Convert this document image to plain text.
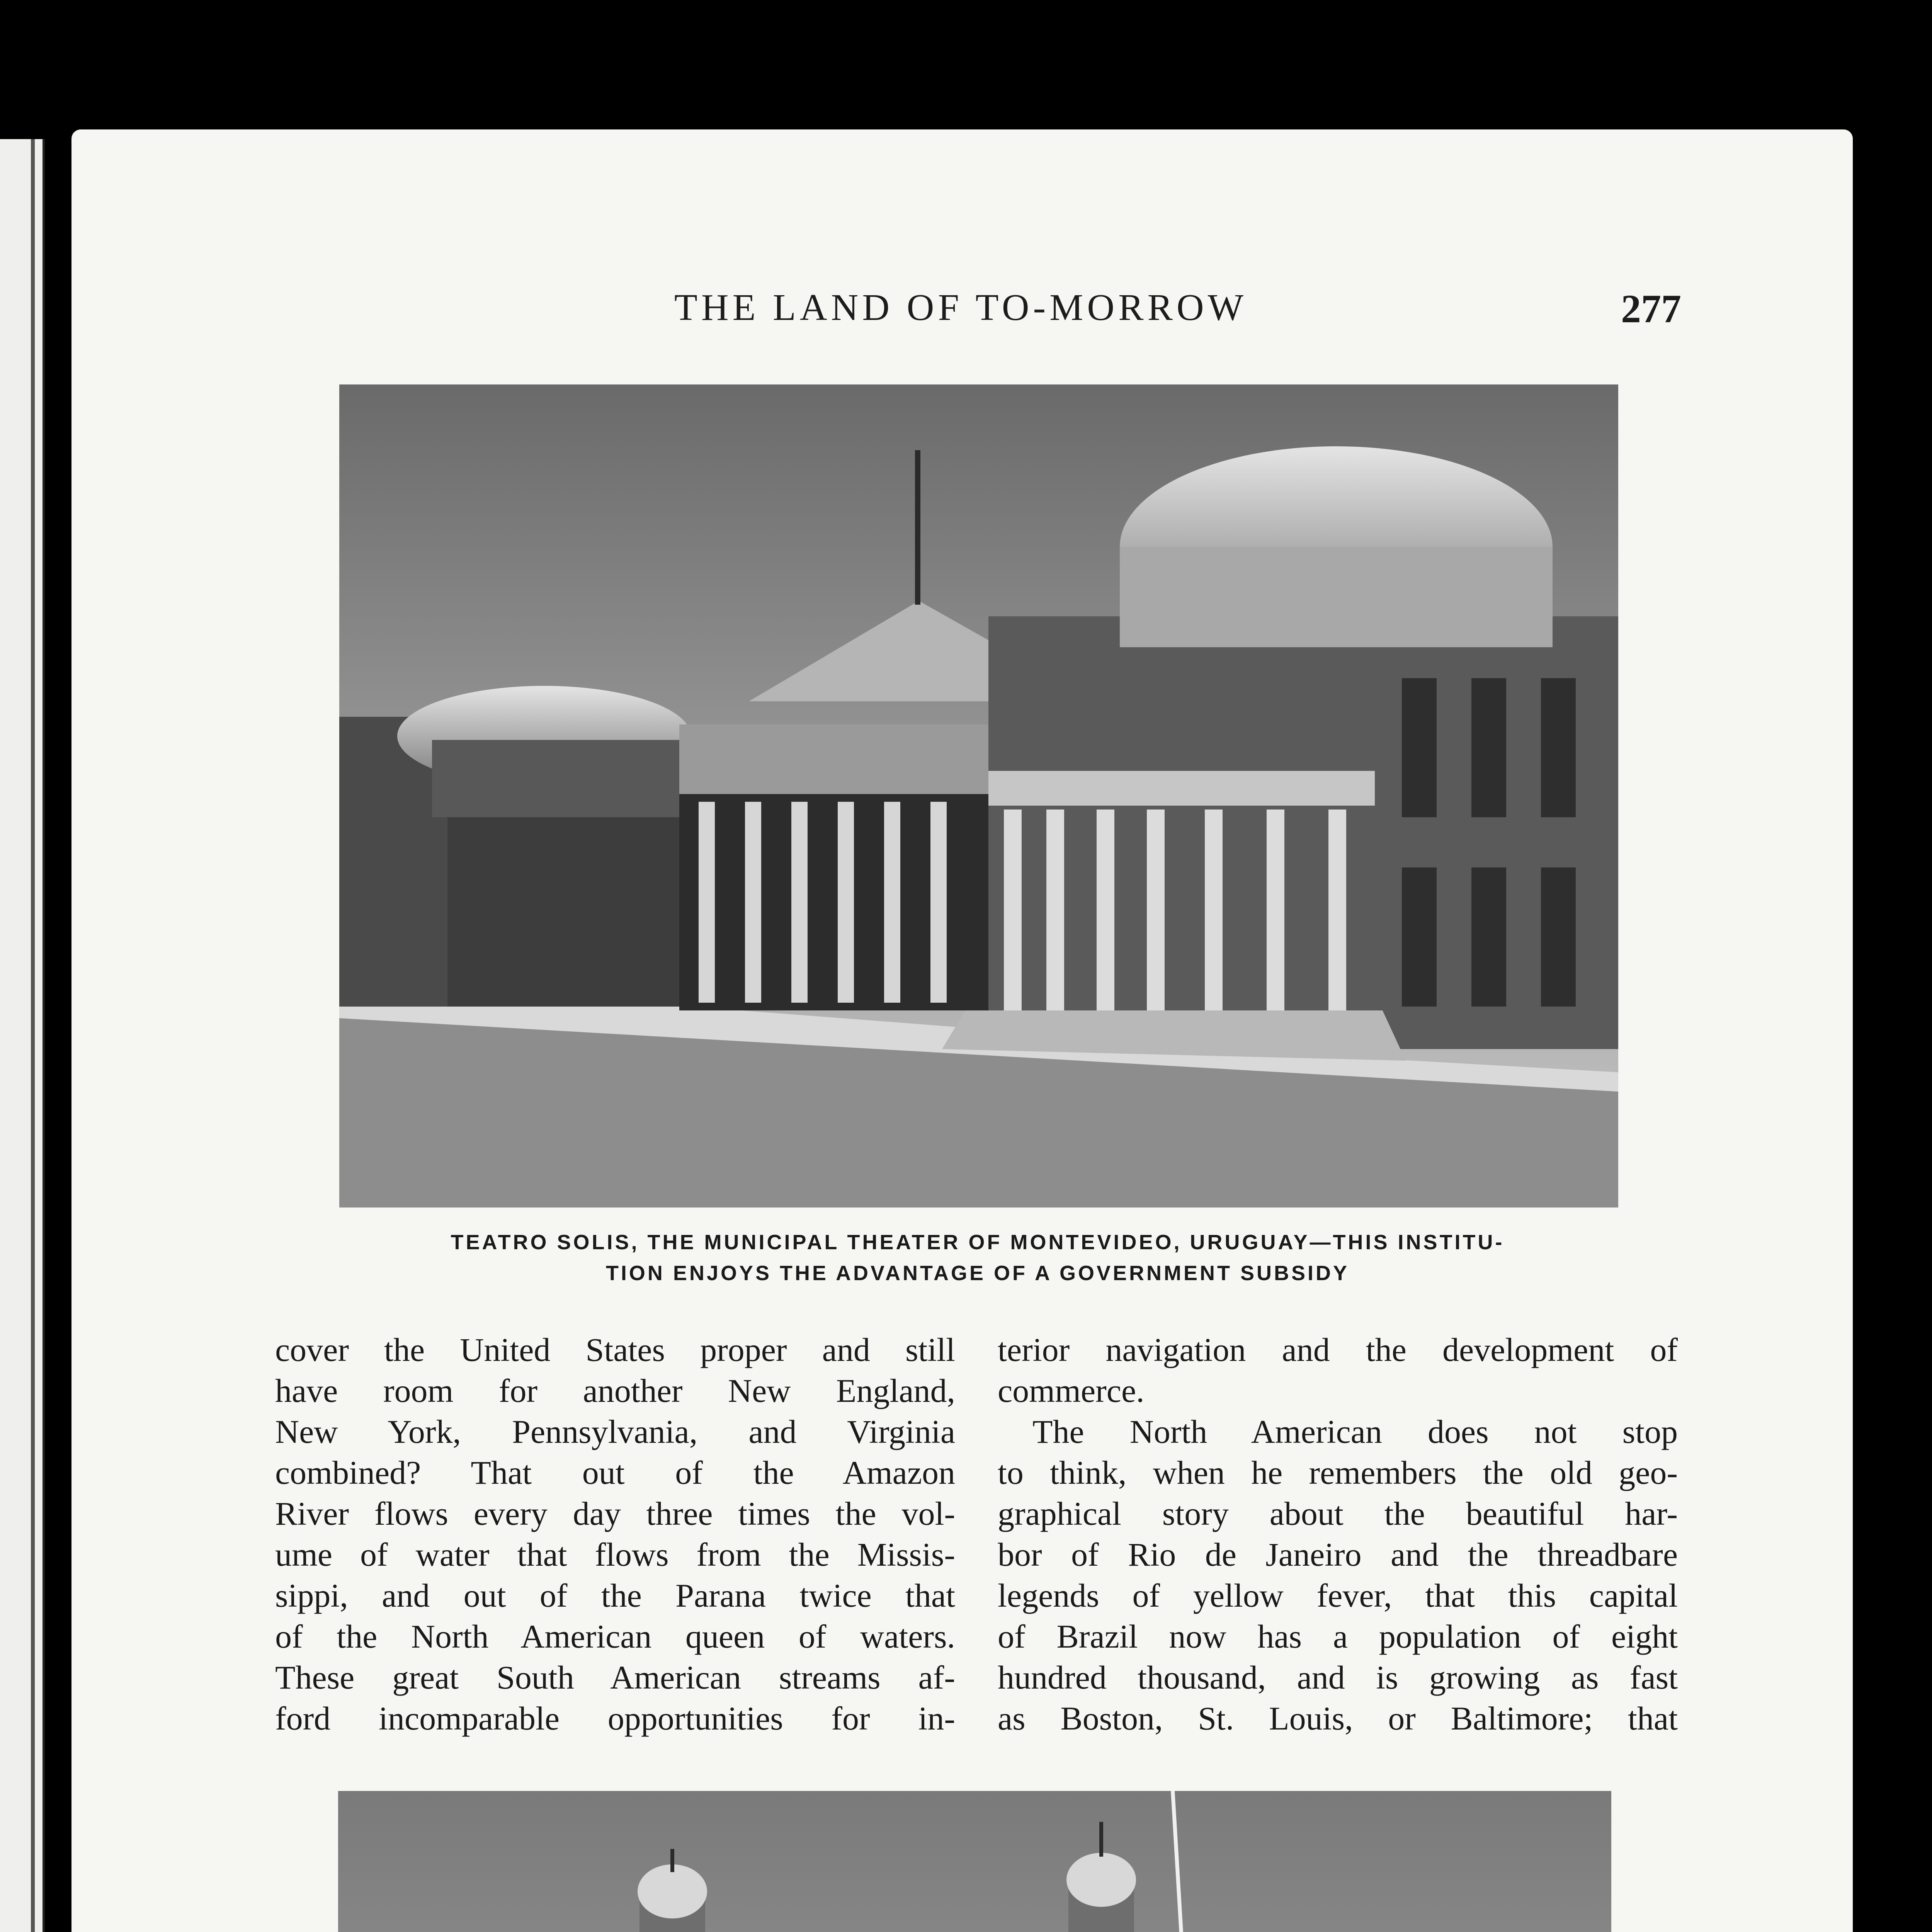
THE LAND OF TO-MORROW	277
TEATRO SOLIS, THE MUNICIPAL THEATER OF MONTEVIDEO, URUGUAY—THIS INSTITU-
TION ENJOYS THE ADVANTAGE OF A GOVERNMENT SUBSIDY
cover the United States proper and still
have room for another New England,
New York, Pennsylvania, and Virginia
combined? That out of the Amazon
River flows every day three times the vol-
ume of water that flows from the Missis-
sippi, and out of the Parana twice that
of the North American queen of waters.
These great South American streams af-
ford incomparable opportunities for in-
terior navigation and the development of
commerce.
The North American does not stop
to think, when he remembers the old geo-
graphical story about the beautiful har-
bor of Rio de Janeiro and the threadbare
legends of yellow fever, that this capital
of Brazil now has a population of eight
hundred thousand, and is growing as fast
as Boston, St. Louis, or Baltimore; that
